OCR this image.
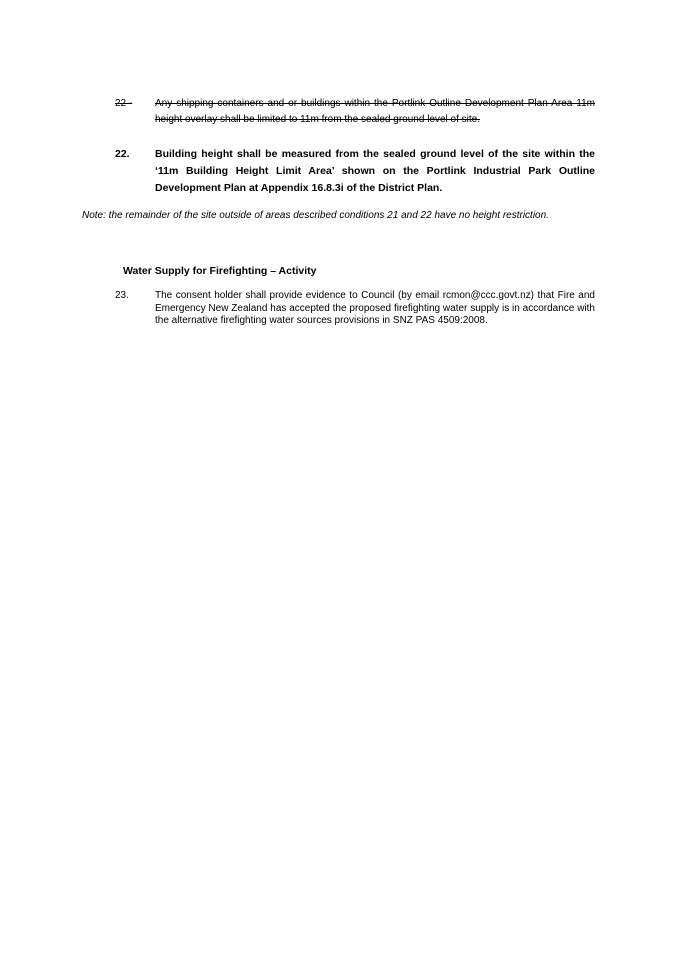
22 -	Any shipping containers and or buildings within the Portlink Outline Development Plan Area 11m height overlay shall be limited to 11m from the sealed ground level of site.
22.	Building height shall be measured from the sealed ground level of the site within the ‘11m Building Height Limit Area’ shown on the Portlink Industrial Park Outline Development Plan at Appendix 16.8.3i of the District Plan.
Note: the remainder of the site outside of areas described conditions 21 and 22 have no height restriction.
Water Supply for Firefighting – Activity
23.	The consent holder shall provide evidence to Council (by email rcmon@ccc.govt.nz) that Fire and Emergency New Zealand has accepted the proposed firefighting water supply is in accordance with the alternative firefighting water sources provisions in SNZ PAS 4509:2008.
